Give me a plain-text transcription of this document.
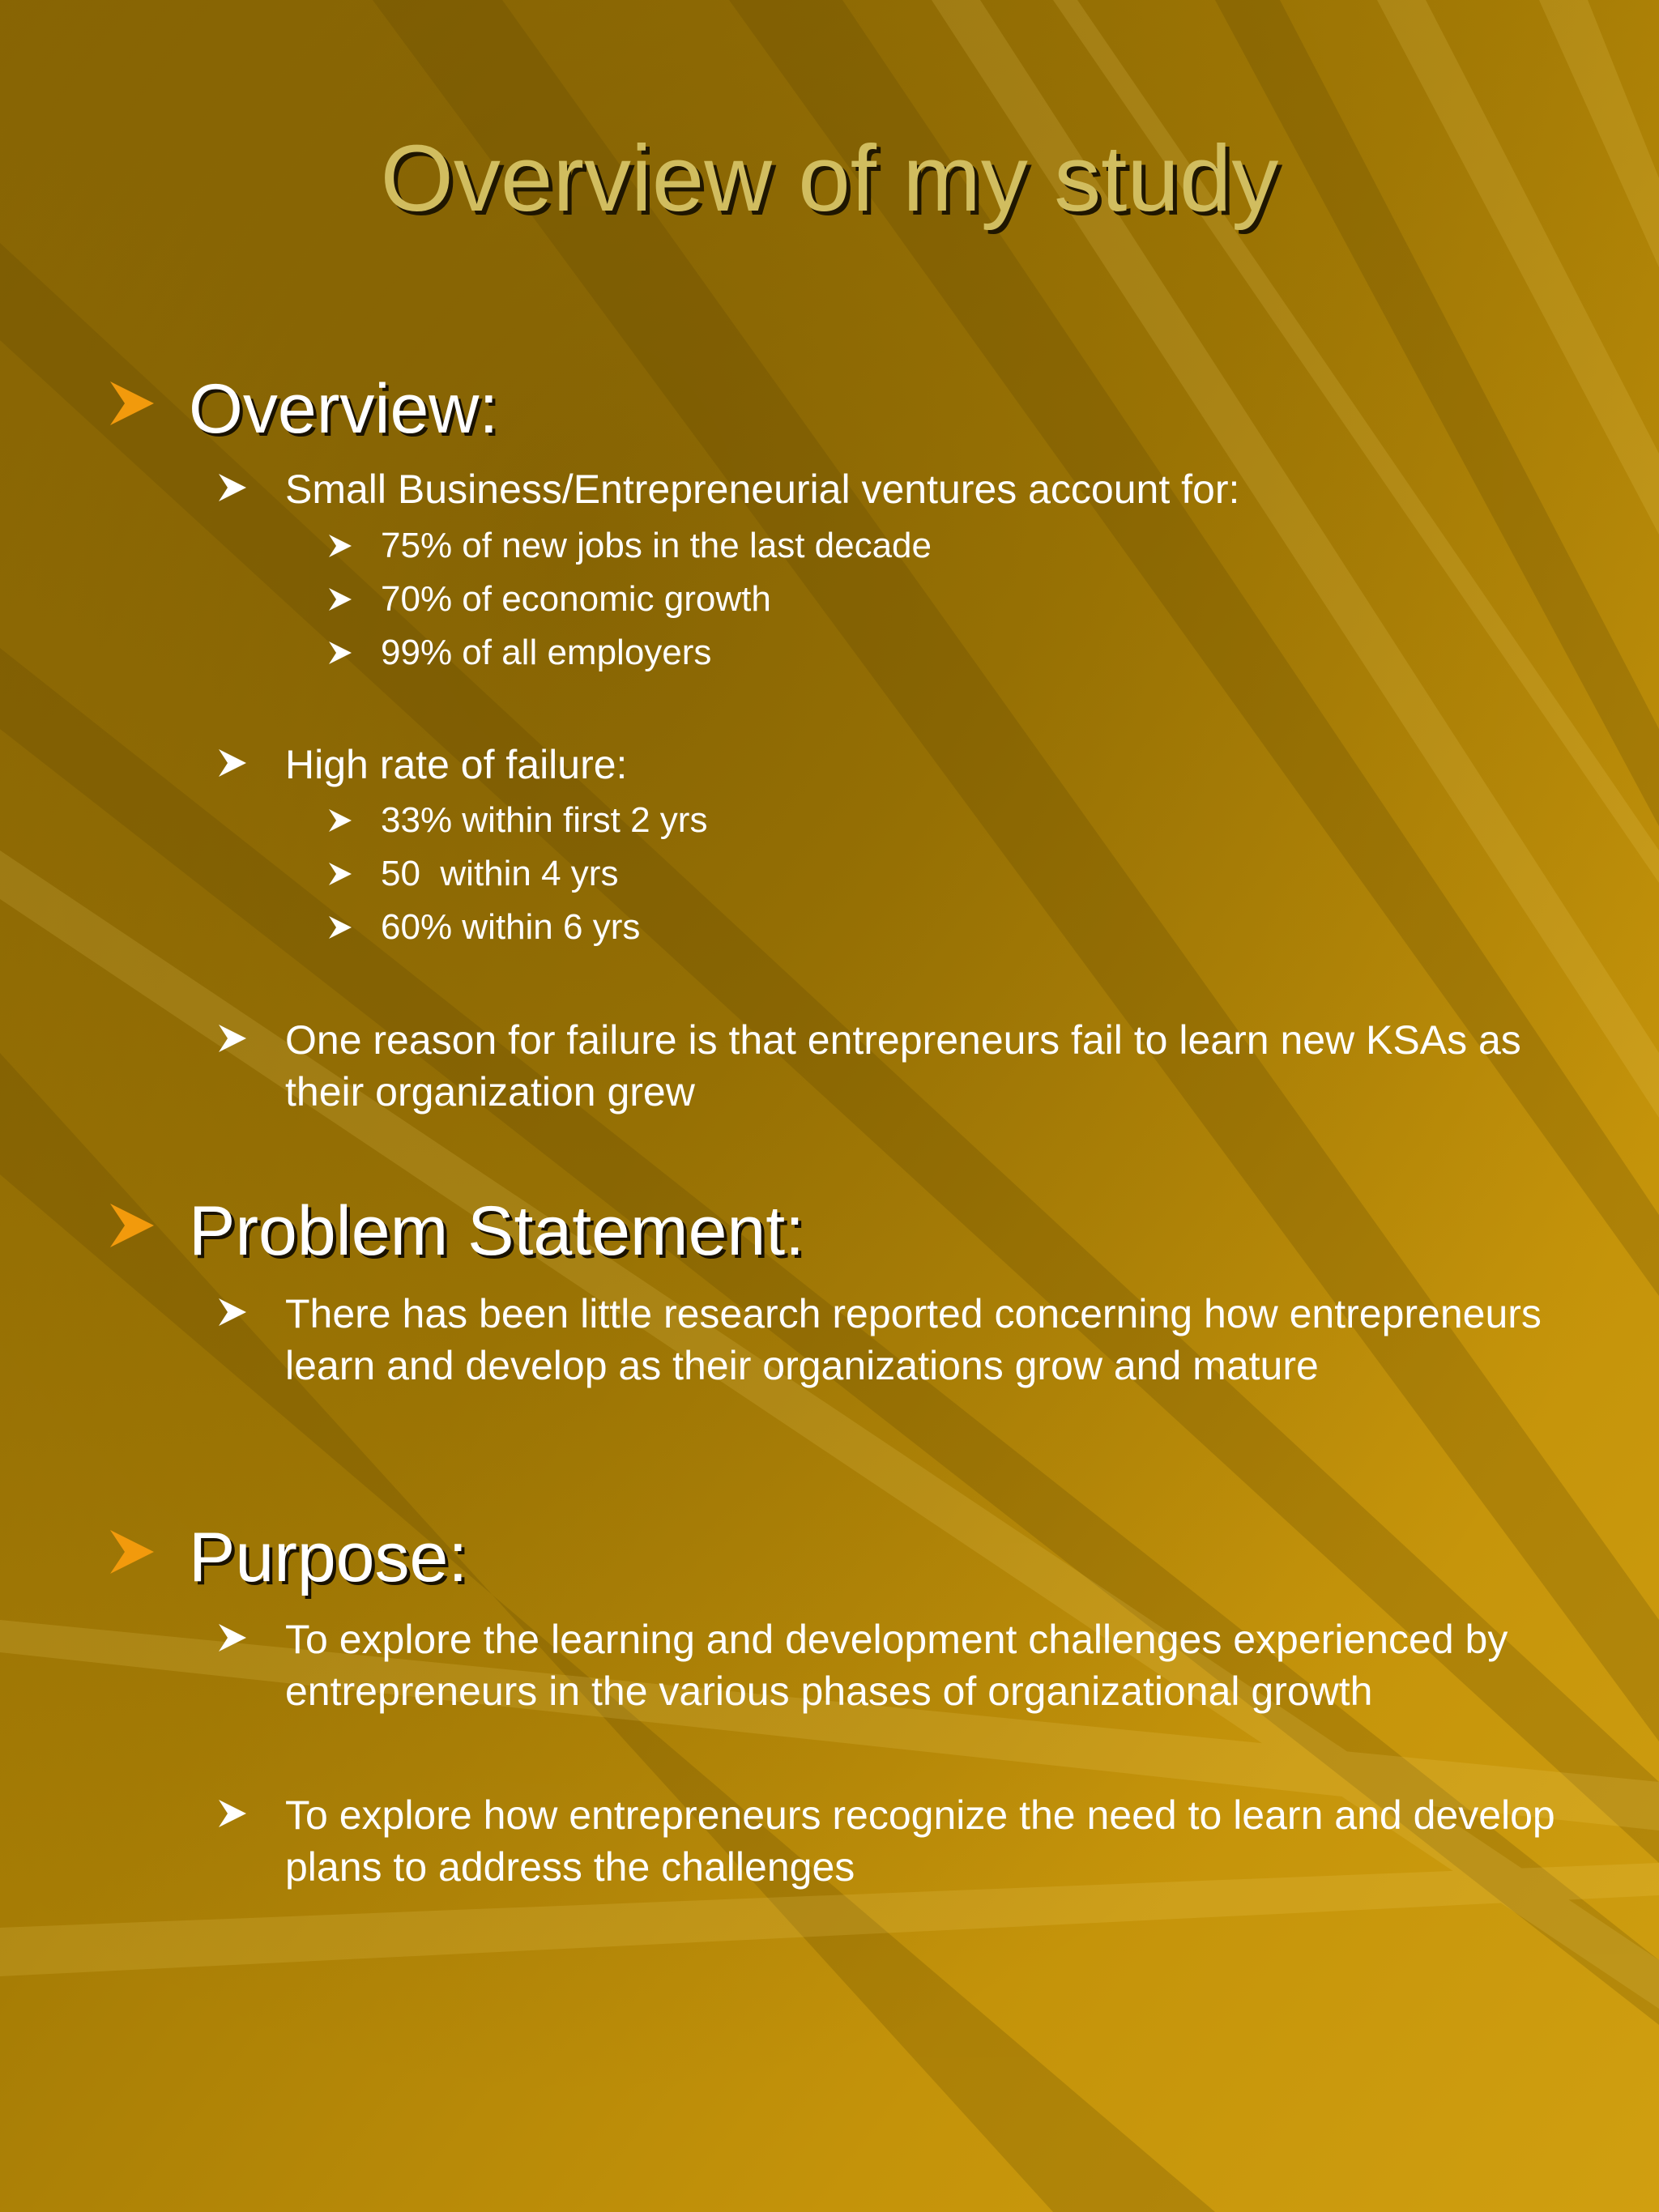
Overview of my study
Overview:
Small Business/Entrepreneurial ventures account for:
75% of new jobs in the last decade
70% of economic growth
99% of all employers
High rate of failure:
33% within first 2 yrs
50  within 4 yrs
60% within 6 yrs
One reason for failure is that entrepreneurs fail to learn new KSAs as their organization grew
Problem Statement:
There has been little research reported concerning how entrepreneurs learn and develop as their organizations grow and mature
Purpose:
To explore the learning and development challenges experienced by entrepreneurs in the various phases of organizational growth
To explore how entrepreneurs recognize the need to learn and develop plans to address the challenges
